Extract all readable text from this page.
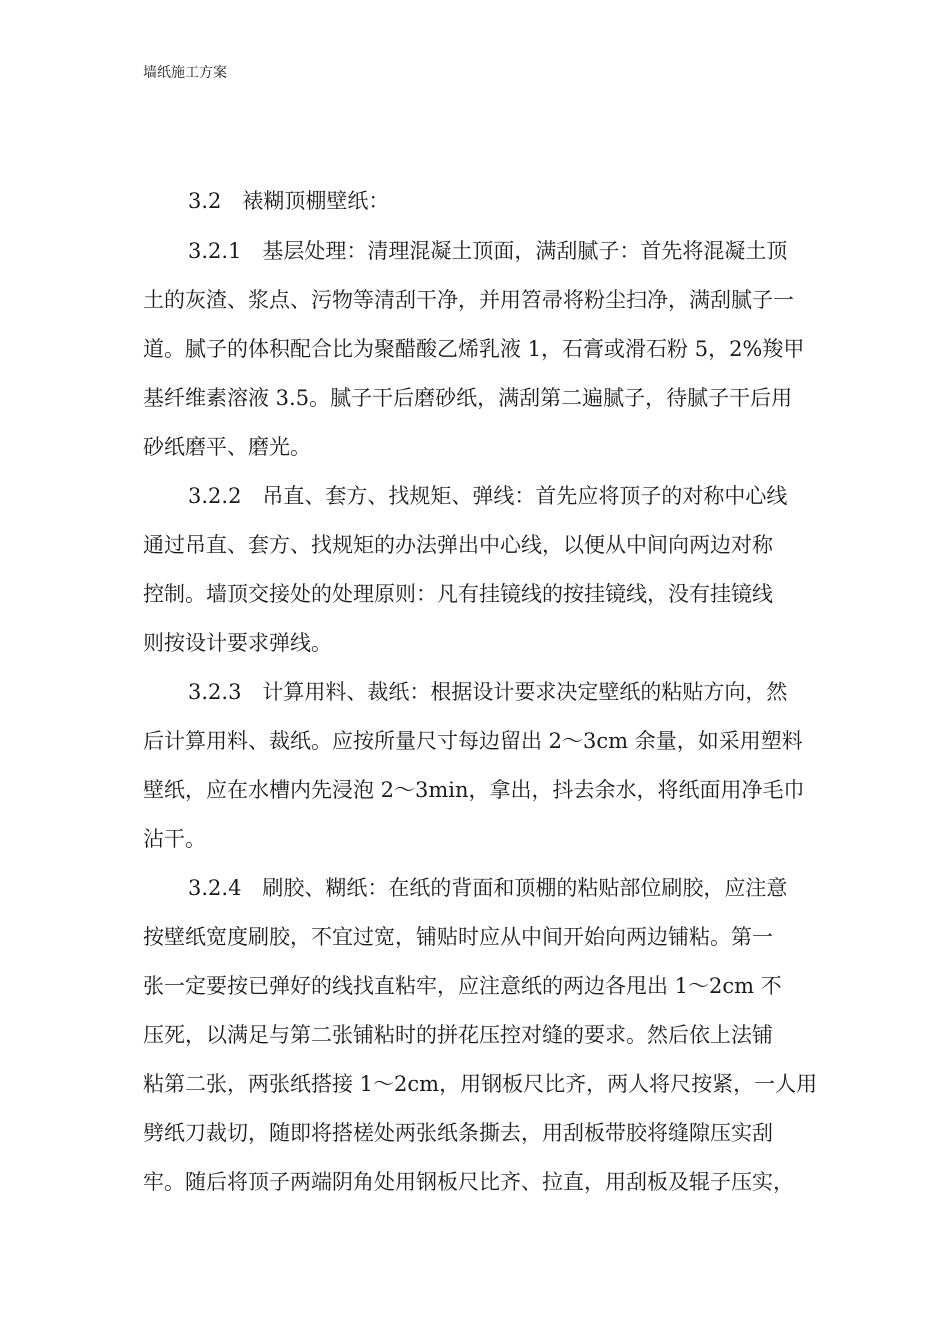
墙纸施工方案
3.2　裱糊顶棚壁纸：
3.2.1　基层处理：清理混凝土顶面，满刮腻子：首先将混凝土顶
土的灰渣、浆点、污物等清刮干净，并用笤帚将粉尘扫净，满刮腻子一
道。腻子的体积配合比为聚醋酸乙烯乳液 1，石膏或滑石粉 5，2%羧甲
基纤维素溶液 3.5。腻子干后磨砂纸，满刮第二遍腻子，待腻子干后用
砂纸磨平、磨光。
3.2.2　吊直、套方、找规矩、弹线：首先应将顶子的对称中心线
通过吊直、套方、找规矩的办法弹出中心线，以便从中间向两边对称
控制。墙顶交接处的处理原则：凡有挂镜线的按挂镜线，没有挂镜线
则按设计要求弹线。
3.2.3　计算用料、裁纸：根据设计要求决定壁纸的粘贴方向，然
后计算用料、裁纸。应按所量尺寸每边留出 2～3cm 余量，如采用塑料
壁纸，应在水槽内先浸泡 2～3min，拿出，抖去余水，将纸面用净毛巾
沾干。
3.2.4　刷胶、糊纸：在纸的背面和顶棚的粘贴部位刷胶，应注意
按壁纸宽度刷胶，不宜过宽，铺贴时应从中间开始向两边铺粘。第一
张一定要按已弹好的线找直粘牢，应注意纸的两边各甩出 1～2cm 不
压死，以满足与第二张铺粘时的拼花压控对缝的要求。然后依上法铺
粘第二张，两张纸搭接 1～2cm，用钢板尺比齐，两人将尺按紧，一人用
劈纸刀裁切，随即将搭槎处两张纸条撕去，用刮板带胶将缝隙压实刮
牢。随后将顶子两端阴角处用钢板尺比齐、拉直，用刮板及辊子压实，
